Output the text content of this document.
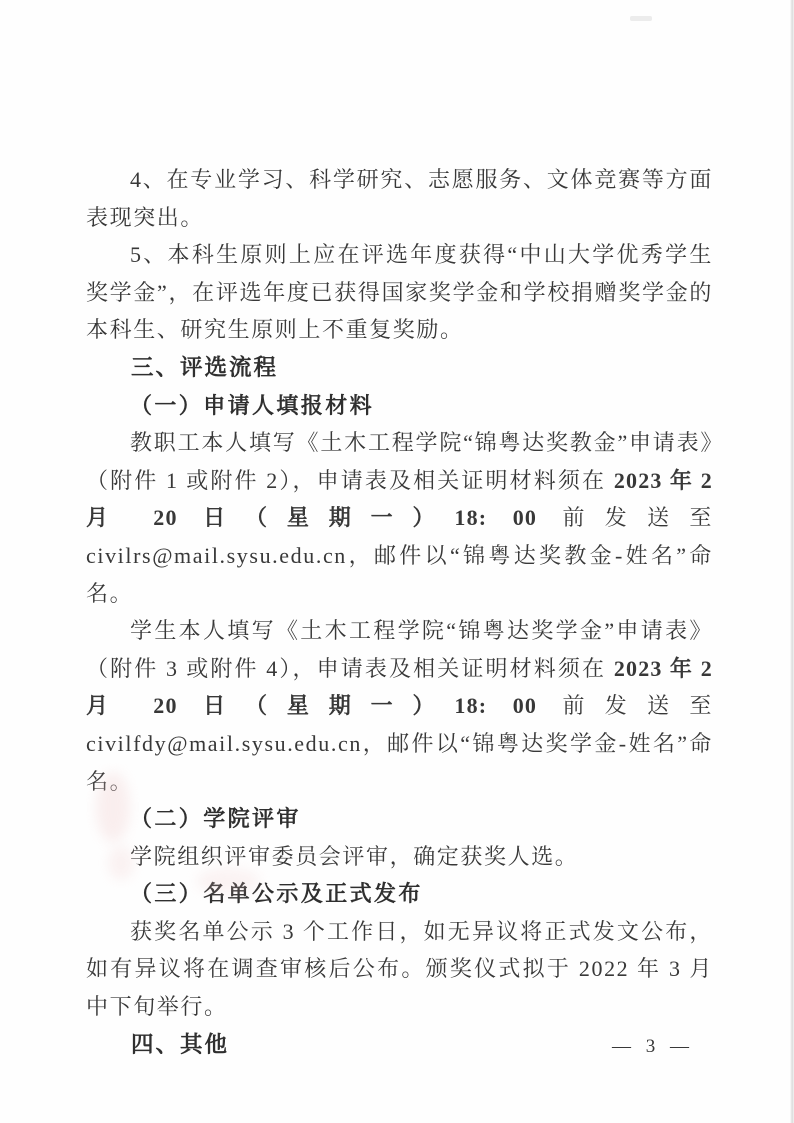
4、在专业学习、科学研究、志愿服务、文体竞赛等方面表现突出。

5、本科生原则上应在评选年度获得“中山大学优秀学生奖学金”，在评选年度已获得国家奖学金和学校捐赠奖学金的本科生、研究生原则上不重复奖励。

三、评选流程

（一）申请人填报材料

教职工本人填写《土木工程学院“锦粤达奖教金”申请表》（附件 1 或附件 2），申请表及相关证明材料须在 2023 年 2 月 20 日（星期一）18: 00 前发送至 civilrs@mail.sysu.edu.cn，邮件以“锦粤达奖教金-姓名”命名。

学生本人填写《土木工程学院“锦粤达奖学金”申请表》（附件 3 或附件 4），申请表及相关证明材料须在 2023 年 2 月 20 日（星期一）18: 00 前发送至 civilfdy@mail.sysu.edu.cn，邮件以“锦粤达奖学金-姓名”命名。

（二）学院评审

学院组织评审委员会评审，确定获奖人选。

（三）名单公示及正式发布

获奖名单公示 3 个工作日，如无异议将正式发文公布，如有异议将在调查审核后公布。颁奖仪式拟于 2022 年 3 月中下旬举行。

四、其他	— 3 —
